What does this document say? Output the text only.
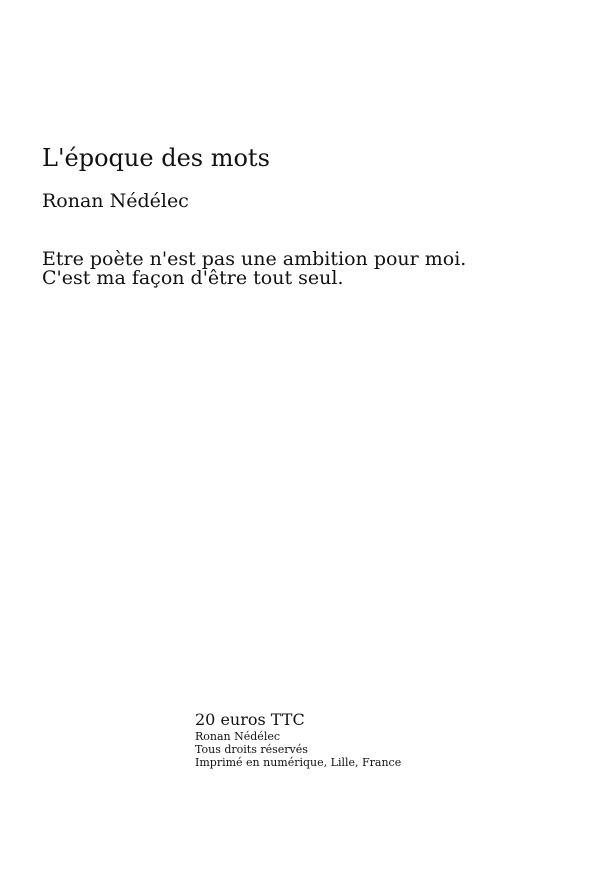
L'époque des mots
Ronan Nédélec
Etre poète n'est pas une ambition pour moi.
C'est ma façon d'être tout seul.
20 euros TTC
Ronan Nédélec
Tous droits réservés
Imprimé en numérique, Lille, France
